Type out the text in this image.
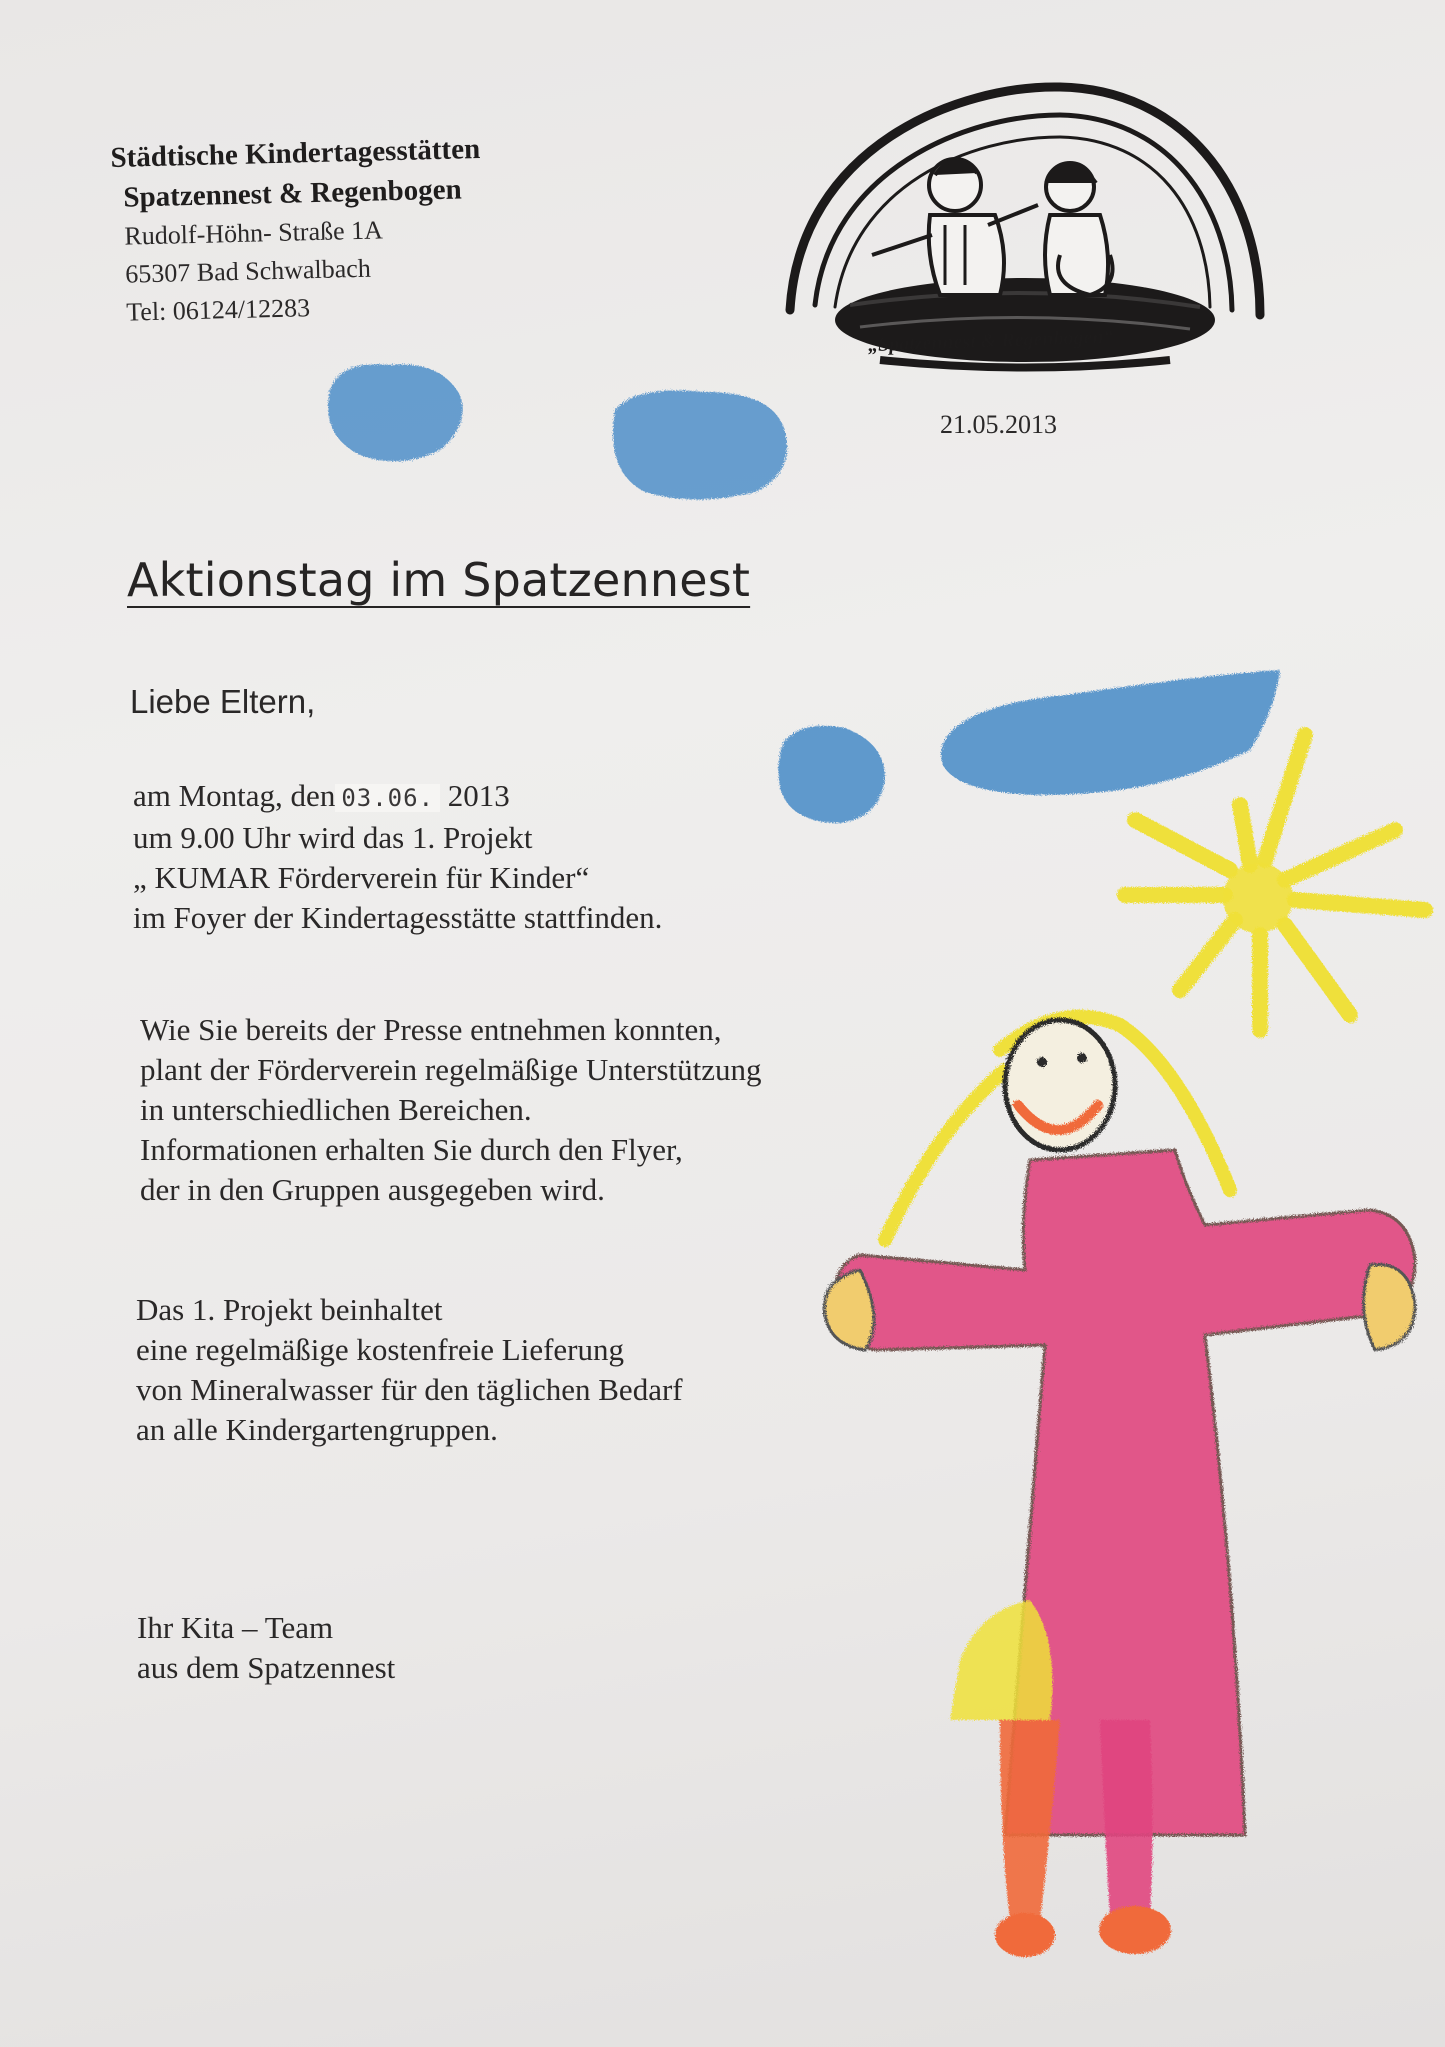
Städtische Kindertagesstätten
Spatzennest & Regenbogen
Rudolf-Höhn- Straße 1A
65307 Bad Schwalbach
Tel: 06124/12283
„Spatzennest & Regenbogen“
21.05.2013
Aktionstag im Spatzennest
Liebe Eltern,
am Montag, den 03.06. 2013
um 9.00 Uhr wird das 1. Projekt
„ KUMAR Förderverein für Kinder“
im Foyer der Kindertagesstätte stattfinden.
Wie Sie bereits der Presse entnehmen konnten,
plant der Förderverein regelmäßige Unterstützung
in unterschiedlichen Bereichen.
Informationen erhalten Sie durch den Flyer,
der in den Gruppen ausgegeben wird.
Das 1. Projekt beinhaltet
eine regelmäßige kostenfreie Lieferung
von Mineralwasser für den täglichen Bedarf
an alle Kindergartengruppen.
Ihr Kita – Team
aus dem Spatzennest
